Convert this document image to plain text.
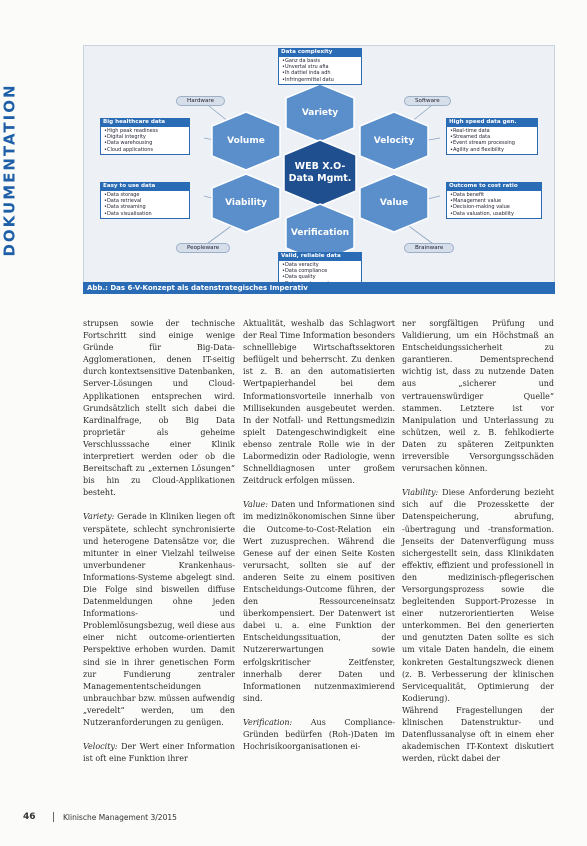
DOKUMENTATION	Variety
Volume	Velocity
WEB X.O-
Data Mgmt.
Viability	Value
Verification
Hardware	Software
Peopleware	Brainware
Data complexity
• Ganz da basis
• Unvertal stru afia
• Ih dattiel inda adh
• Infringermittel datu
Big healthcare data
• High peak readiness
• Digital integrity
• Data warehousing
• Cloud applications
Easy to use data
• Data storage
• Data retrieval
• Data streaming
• Data visualisation
High speed data gen.
• Real-time data
• Streamed data
• Event stream processing
• Agility and flexibility
Outcome to cost ratio
• Data benefit
• Management value
• Decision-making value
• Data valuation, usability
Valid, reliable data
• Data veracity
• Data compliance
• Data quality
•
Abb.: Das 6-V-Konzept als datenstrategisches Imperativ

strupsen sowie der technische Fortschritt sind einige wenige Gründe für Big-Data-Agglomerationen, denen IT-seitig durch kontextsensitive Datenbanken, Server-Lösungen und Cloud-Applikationen entsprechen wird. Grundsätzlich stellt sich dabei die Kardinalfrage, ob Big Data proprietär als geheime Verschlusssache einer Klinik interpretiert werden oder ob die Bereitschaft zu „externen Lösungen“ bis hin zu Cloud-Applikationen besteht.

Variety: Gerade in Kliniken liegen oft verspätete, schlecht synchronisierte und heterogene Datensätze vor, die mitunter in einer Vielzahl teilweise unverbundener Krankenhaus-Informations-Systeme abgelegt sind. Die Folge sind bisweilen diffuse Datenmeldungen ohne jeden Informations- und Problemlösungsbezug, weil diese aus einer nicht outcome-orientierten Perspektive erhoben wurden. Damit sind sie in ihrer genetischen Form zur Fundierung zentraler Managemententscheidungen unbrauchbar bzw. müssen aufwendig „veredelt“ werden, um den Nutzeranforderungen zu genügen.

Velocity: Der Wert einer Information ist oft eine Funktion ihrer

Aktualität, weshalb das Schlagwort der Real Time Information besonders schnelllebige Wirtschaftssektoren beflügelt und beherrscht. Zu denken ist z. B. an den automatisierten Wertpapierhandel bei dem Informationsvorteile innerhalb von Millisekunden ausgebeutet werden. In der Notfall- und Rettungsmedizin spielt Datengeschwindigkeit eine ebenso zentrale Rolle wie in der Labormedizin oder Radiologie, wenn Schnelldiagnosen unter großem Zeitdruck erfolgen müssen.

Value: Daten und Informationen sind im medizinökonomischen Sinne über die Outcome-to-Cost-Relation ein Wert zuzusprechen. Während die Genese auf der einen Seite Kosten verursacht, sollten sie auf der anderen Seite zu einem positiven Entscheidungs-Outcome führen, der den Ressourceneinsatz überkompensiert. Der Datenwert ist dabei u. a. eine Funktion der Entscheidungssituation, der Nutzererwartungen sowie erfolgskritischer Zeitfenster, innerhalb derer Daten und Informationen nutzenmaximierend sind.

Verification: Aus Compliance-Gründen bedürfen (Roh-)Daten im Hochrisikoorganisationen ei-

ner sorgfältigen Prüfung und Validierung, um ein Höchstmaß an Entscheidungssicherheit zu garantieren. Dementsprechend wichtig ist, dass zu nutzende Daten aus „sicherer und vertrauenswürdiger Quelle“ stammen. Letztere ist vor Manipulation und Unterlassung zu schützen, weil z. B. fehlkodierte Daten zu späteren Zeitpunkten irreversible Versorgungsschäden verursachen können.

Viability: Diese Anforderung bezieht sich auf die Prozesskette der Datenspeicherung, abrufung, -übertragung und -transformation. Jenseits der Datenverfügung muss sichergestellt sein, dass Klinikdaten effektiv, effizient und professionell in den medizinisch-pflegerischen Versorgungsprozess sowie die begleitenden Support-Prozesse in einer nutzerorientierten Weise unterkommen. Bei den generierten und genutzten Daten sollte es sich um vitale Daten handeln, die einem konkreten Gestaltungszweck dienen (z. B. Verbesserung der klinischen Servicequalität, Optimierung der Kodierung).

Während Fragestellungen der klinischen Datenstruktur- und Datenflussanalyse oft in einem eher akademischen IT-Kontext diskutiert werden, rückt dabei der

46	Klinische Management 3/2015
